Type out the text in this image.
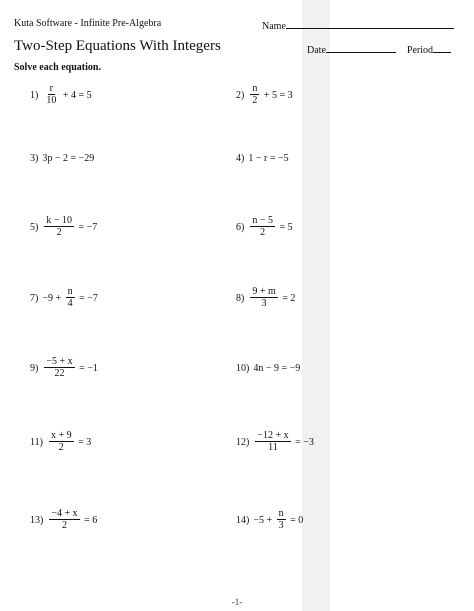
Kuta Software - Infinite Pre-Algebra	Name
Two-Step Equations With Integers	Date	Period
Solve each equation.
$1) \frac{r}{10} + 4 = 5$	$2) \frac{n}{2} + 5 = 3$
3) 3p − 2 = −29	4) 1 − r = −5
$5) \frac{k - 10}{2} = -7$	$6) \frac{n - 5}{2} = 5$
$7) -9 + \frac{n}{4} = -7$	$8) \frac{9 + m}{3} = 2$
$9) \frac{-5 + x}{22} = -1$	10) 4n − 9 = −9
$11) \frac{x + 9}{2} = 3$	$12) \frac{-12 + x}{11} = -3$
$13) \frac{-4 + x}{2} = 6$	$14) -5 + \frac{n}{3} = 0$
-1-
